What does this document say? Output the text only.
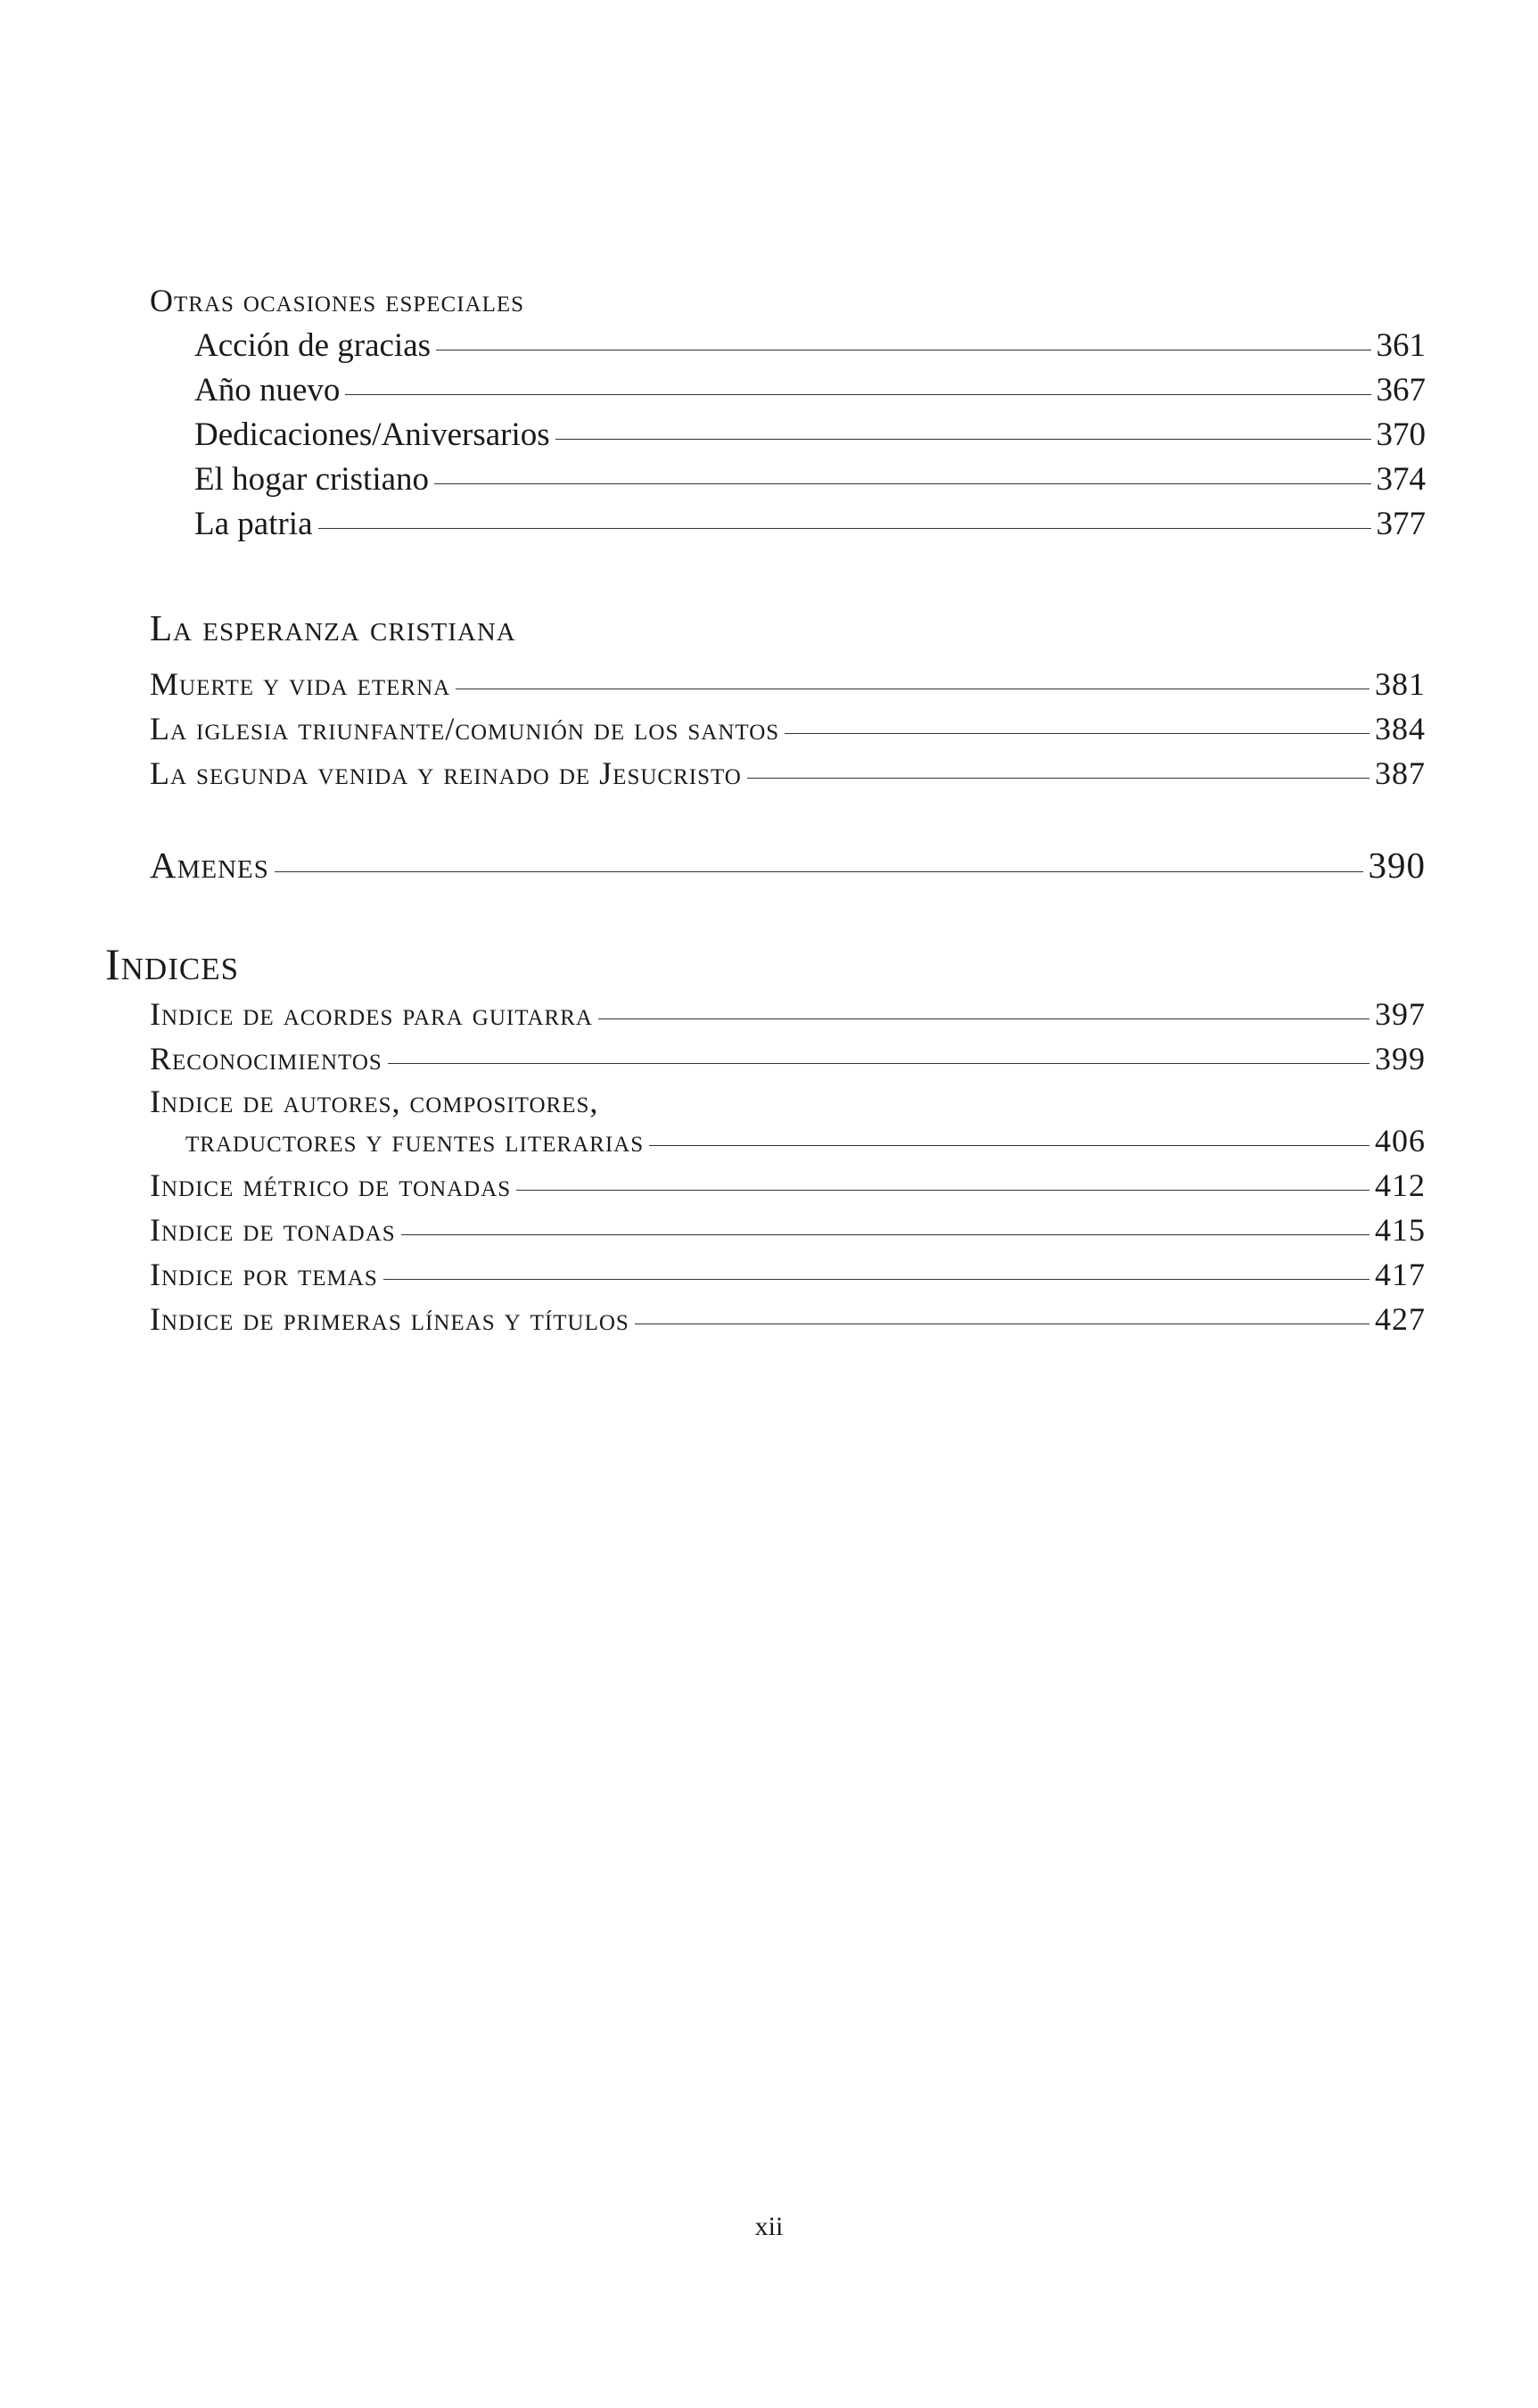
Otras ocasiones especiales
Acción de gracias	361
Año nuevo	367
Dedicaciones/Aniversarios	370
El hogar cristiano	374
La patria	377
La esperanza cristiana
Muerte y vida eterna	381
La iglesia triunfante/comunión de los santos	384
La segunda venida y reinado de Jesucristo	387
Amenes	390
Indices
Indice de acordes para guitarra	397
Reconocimientos	399
Indice de autores, compositores,
traductores y fuentes literarias	406
Indice métrico de tonadas	412
Indice de tonadas	415
Indice por temas	417
Indice de primeras líneas y títulos	427
xii
